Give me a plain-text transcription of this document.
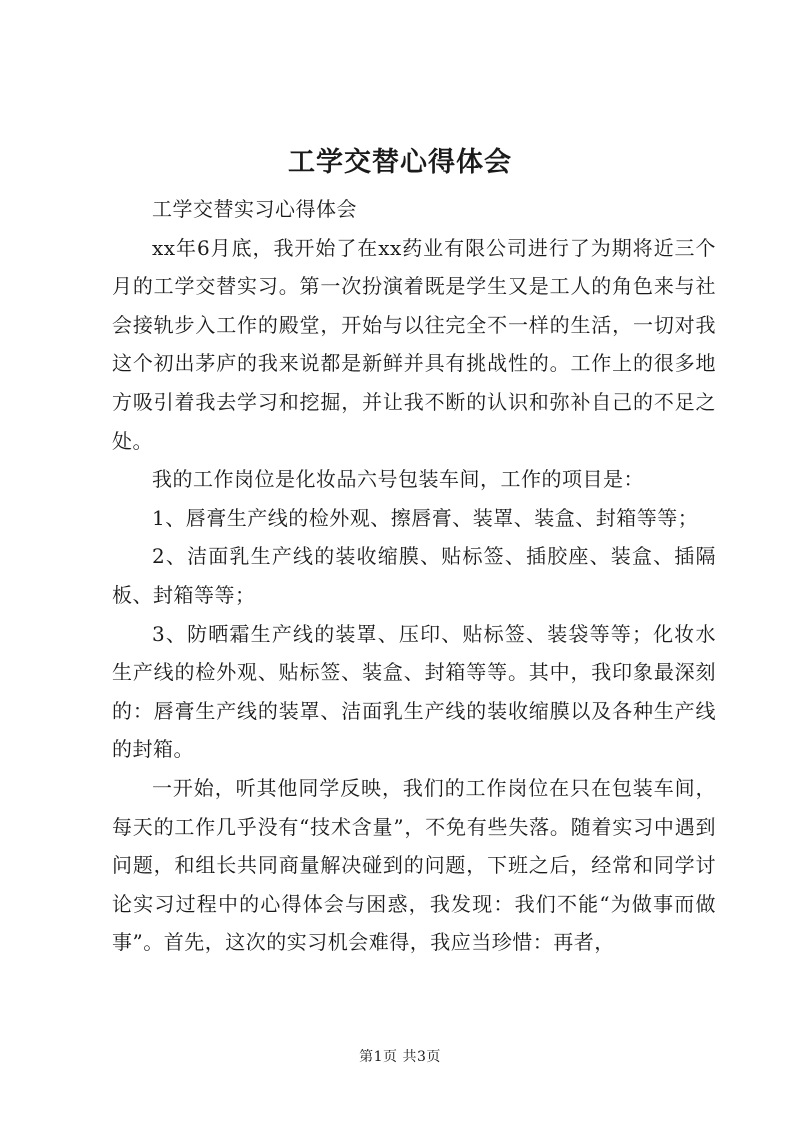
工学交替心得体会

工学交替实习心得体会

xx年6月底，我开始了在xx药业有限公司进行了为期将近三个月的工学交替实习。第一次扮演着既是学生又是工人的角色来与社会接轨步入工作的殿堂，开始与以往完全不一样的生活，一切对我这个初出茅庐的我来说都是新鲜并具有挑战性的。工作上的很多地方吸引着我去学习和挖掘，并让我不断的认识和弥补自己的不足之处。

我的工作岗位是化妆品六号包装车间，工作的项目是：

1、唇膏生产线的检外观、擦唇膏、装罩、装盒、封箱等等；

2、洁面乳生产线的装收缩膜、贴标签、插胶座、装盒、插隔板、封箱等等；

3、防晒霜生产线的装罩、压印、贴标签、装袋等等；化妆水生产线的检外观、贴标签、装盒、封箱等等。其中，我印象最深刻的：唇膏生产线的装罩、洁面乳生产线的装收缩膜以及各种生产线的封箱。

一开始，听其他同学反映，我们的工作岗位在只在包装车间，每天的工作几乎没有“技术含量”，不免有些失落。随着实习中遇到问题，和组长共同商量解决碰到的问题，下班之后，经常和同学讨论实习过程中的心得体会与困惑，我发现：我们不能“为做事而做事”。首先，这次的实习机会难得，我应当珍惜：再者，

第1页 共3页
